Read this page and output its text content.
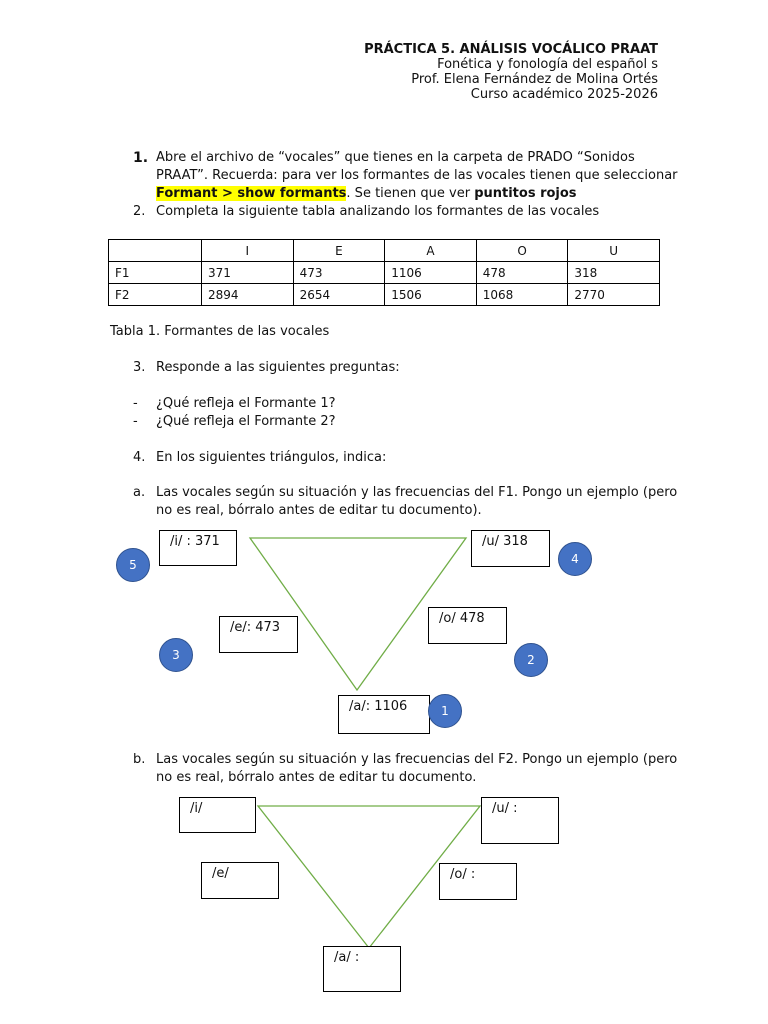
PRÁCTICA 5. ANÁLISIS VOCÁLICO PRAAT
Fonética y fonología del español s
Prof. Elena Fernández de Molina Ortés
Curso académico 2025-2026
1. Abre el archivo de “vocales” que tienes en la carpeta de PRADO “Sonidos
PRAAT”. Recuerda: para ver los formantes de las vocales tienen que seleccionar
Formant > show formants. Se tienen que ver puntitos rojos
2. Completa la siguiente tabla analizando los formantes de las vocales
	I	E	A	O	U
F1	371	473	1106	478	318
F2	2894	2654	1506	1068	2770
Tabla 1. Formantes de las vocales
3. Responde a las siguientes preguntas:
-	¿Qué refleja el Formante 1?
-	¿Qué refleja el Formante 2?
4. En los siguientes triángulos, indica:
a. Las vocales según su situación y las frecuencias del F1. Pongo un ejemplo (pero
no es real, bórralo antes de editar tu documento).
/i/ : 371	/u/ 318
/e/: 473
/o/ 478
/a/: 1106
5	4
3	2
1
b. Las vocales según su situación y las frecuencias del F2. Pongo un ejemplo (pero
no es real, bórralo antes de editar tu documento.
/i/	/u/ :
/e/	/o/ :
/a/ :
